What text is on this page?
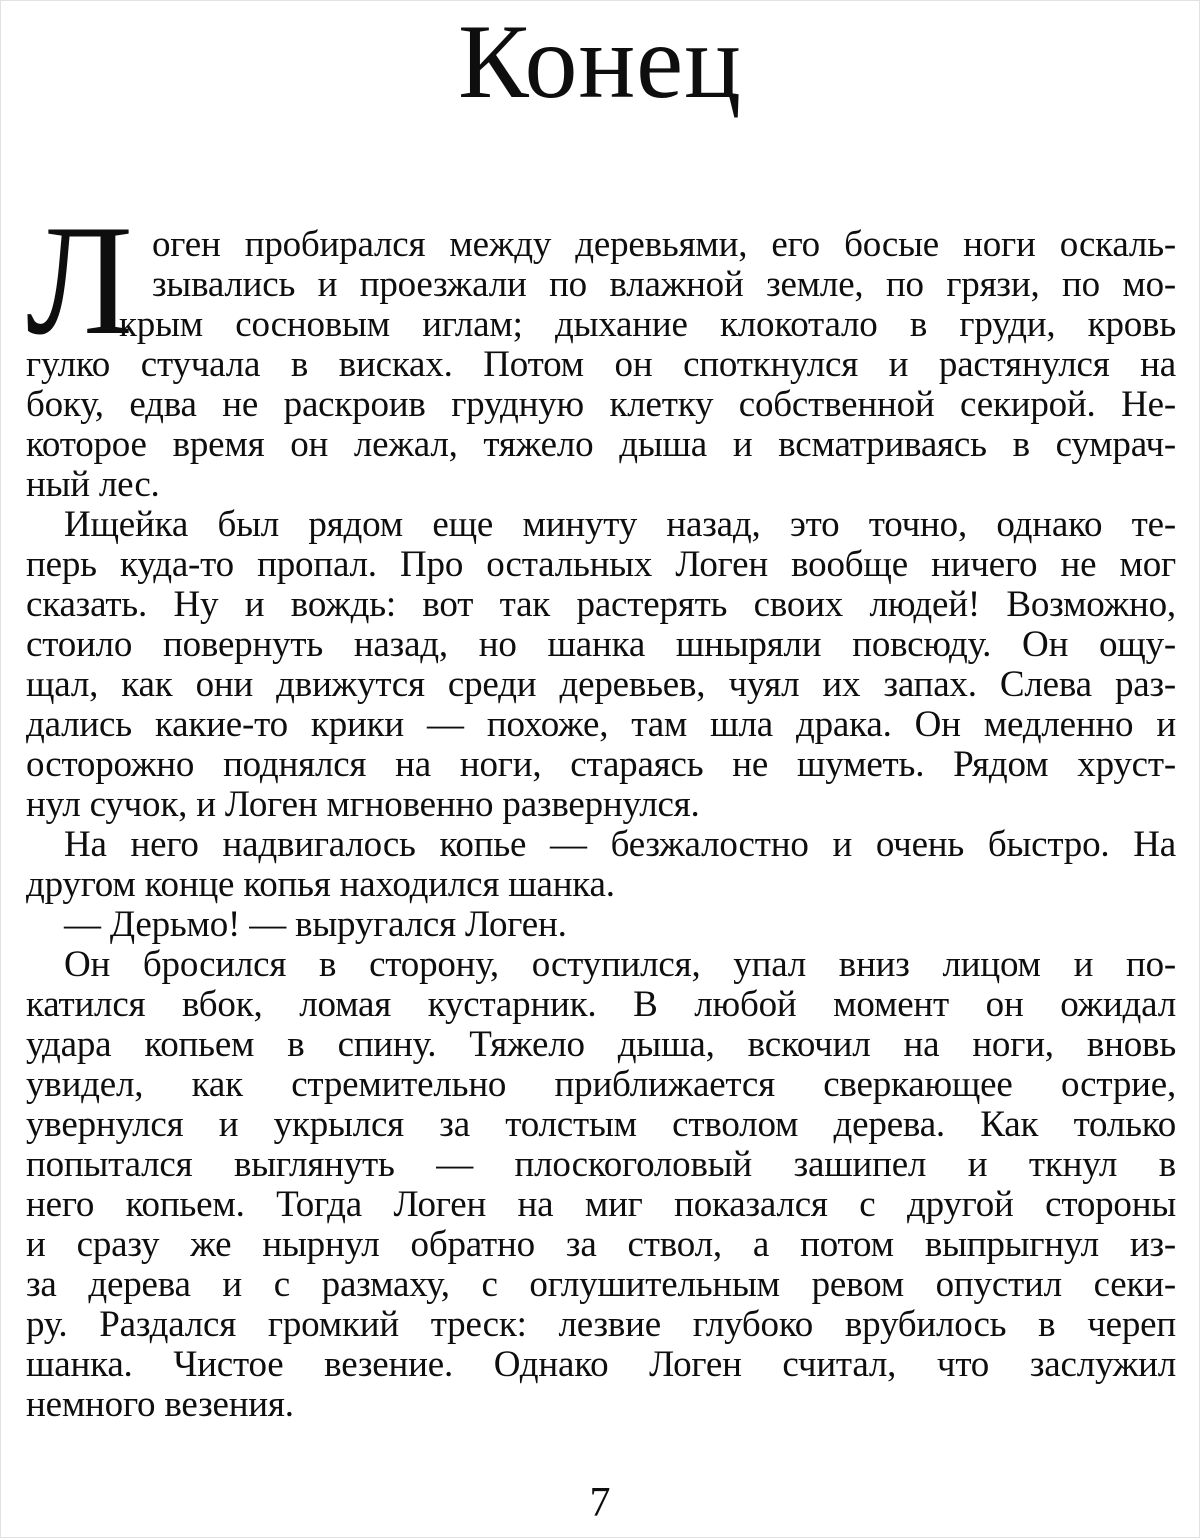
Конец
Л оген пробирался между деревьями, его босые ноги оскаль-
зывались и проезжали по влажной земле, по грязи, по мо-
крым сосновым иглам; дыхание клокотало в груди, кровь
гулко стучала в висках. Потом он споткнулся и растянулся на
боку, едва не раскроив грудную клетку собственной секирой. Не-
которое время он лежал, тяжело дыша и всматриваясь в сумрач-
ный лес.
Ищейка был рядом еще минуту назад, это точно, однако те-
перь куда-то пропал. Про остальных Логен вообще ничего не мог
сказать. Ну и вождь: вот так растерять своих людей! Возможно,
стоило повернуть назад, но шанка шныряли повсюду. Он ощу-
щал, как они движутся среди деревьев, чуял их запах. Слева раз-
дались какие-то крики — похоже, там шла драка. Он медленно и
осторожно поднялся на ноги, стараясь не шуметь. Рядом хруст-
нул сучок, и Логен мгновенно развернулся.
На него надвигалось копье — безжалостно и очень быстро. На
другом конце копья находился шанка.
— Дерьмо! — выругался Логен.
Он бросился в сторону, оступился, упал вниз лицом и по-
катился вбок, ломая кустарник. В любой момент он ожидал
удара копьем в спину. Тяжело дыша, вскочил на ноги, вновь
увидел, как стремительно приближается сверкающее острие,
увернулся и укрылся за толстым стволом дерева. Как только
попытался выглянуть — плоскоголовый зашипел и ткнул в
него копьем. Тогда Логен на миг показался с другой стороны
и сразу же нырнул обратно за ствол, а потом выпрыгнул из-
за дерева и с размаху, с оглушительным ревом опустил секи-
ру. Раздался громкий треск: лезвие глубоко врубилось в череп
шанка. Чистое везение. Однако Логен считал, что заслужил
немного везения.
7
